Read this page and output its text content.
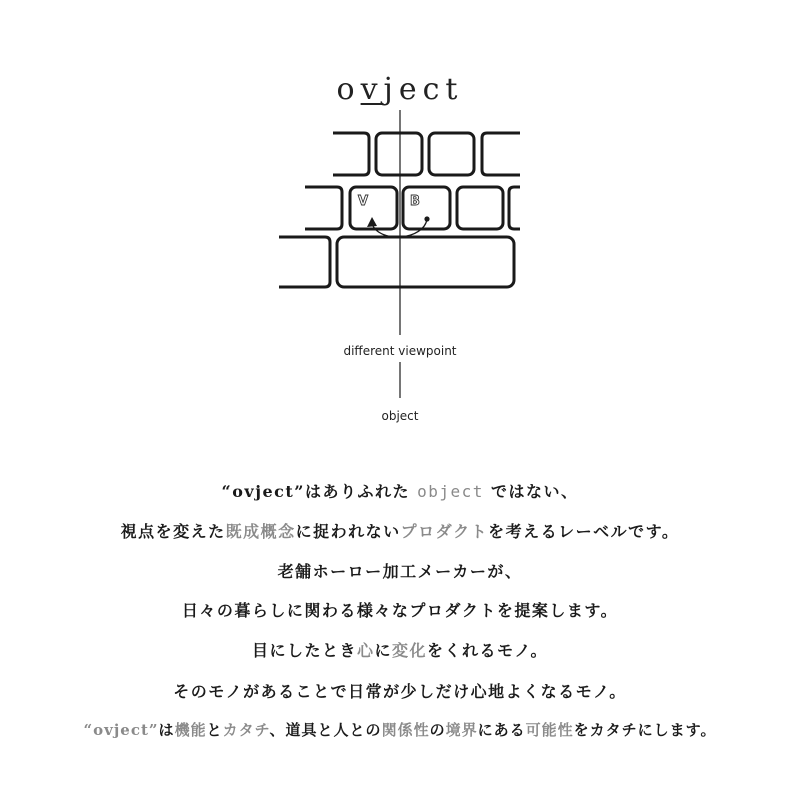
ovject
V	B
different viewpoint
object
“ovject”はありふれた object ではない、
視点を変えた既成概念に捉われないプロダクトを考えるレーベルです。
老舗ホーロー加工メーカーが、
日々の暮らしに関わる様々なプロダクトを提案します。
目にしたとき心に変化をくれるモノ。
そのモノがあることで日常が少しだけ心地よくなるモノ。
“ovject”は機能とカタチ、道具と人との関係性の境界にある可能性をカタチにします。
